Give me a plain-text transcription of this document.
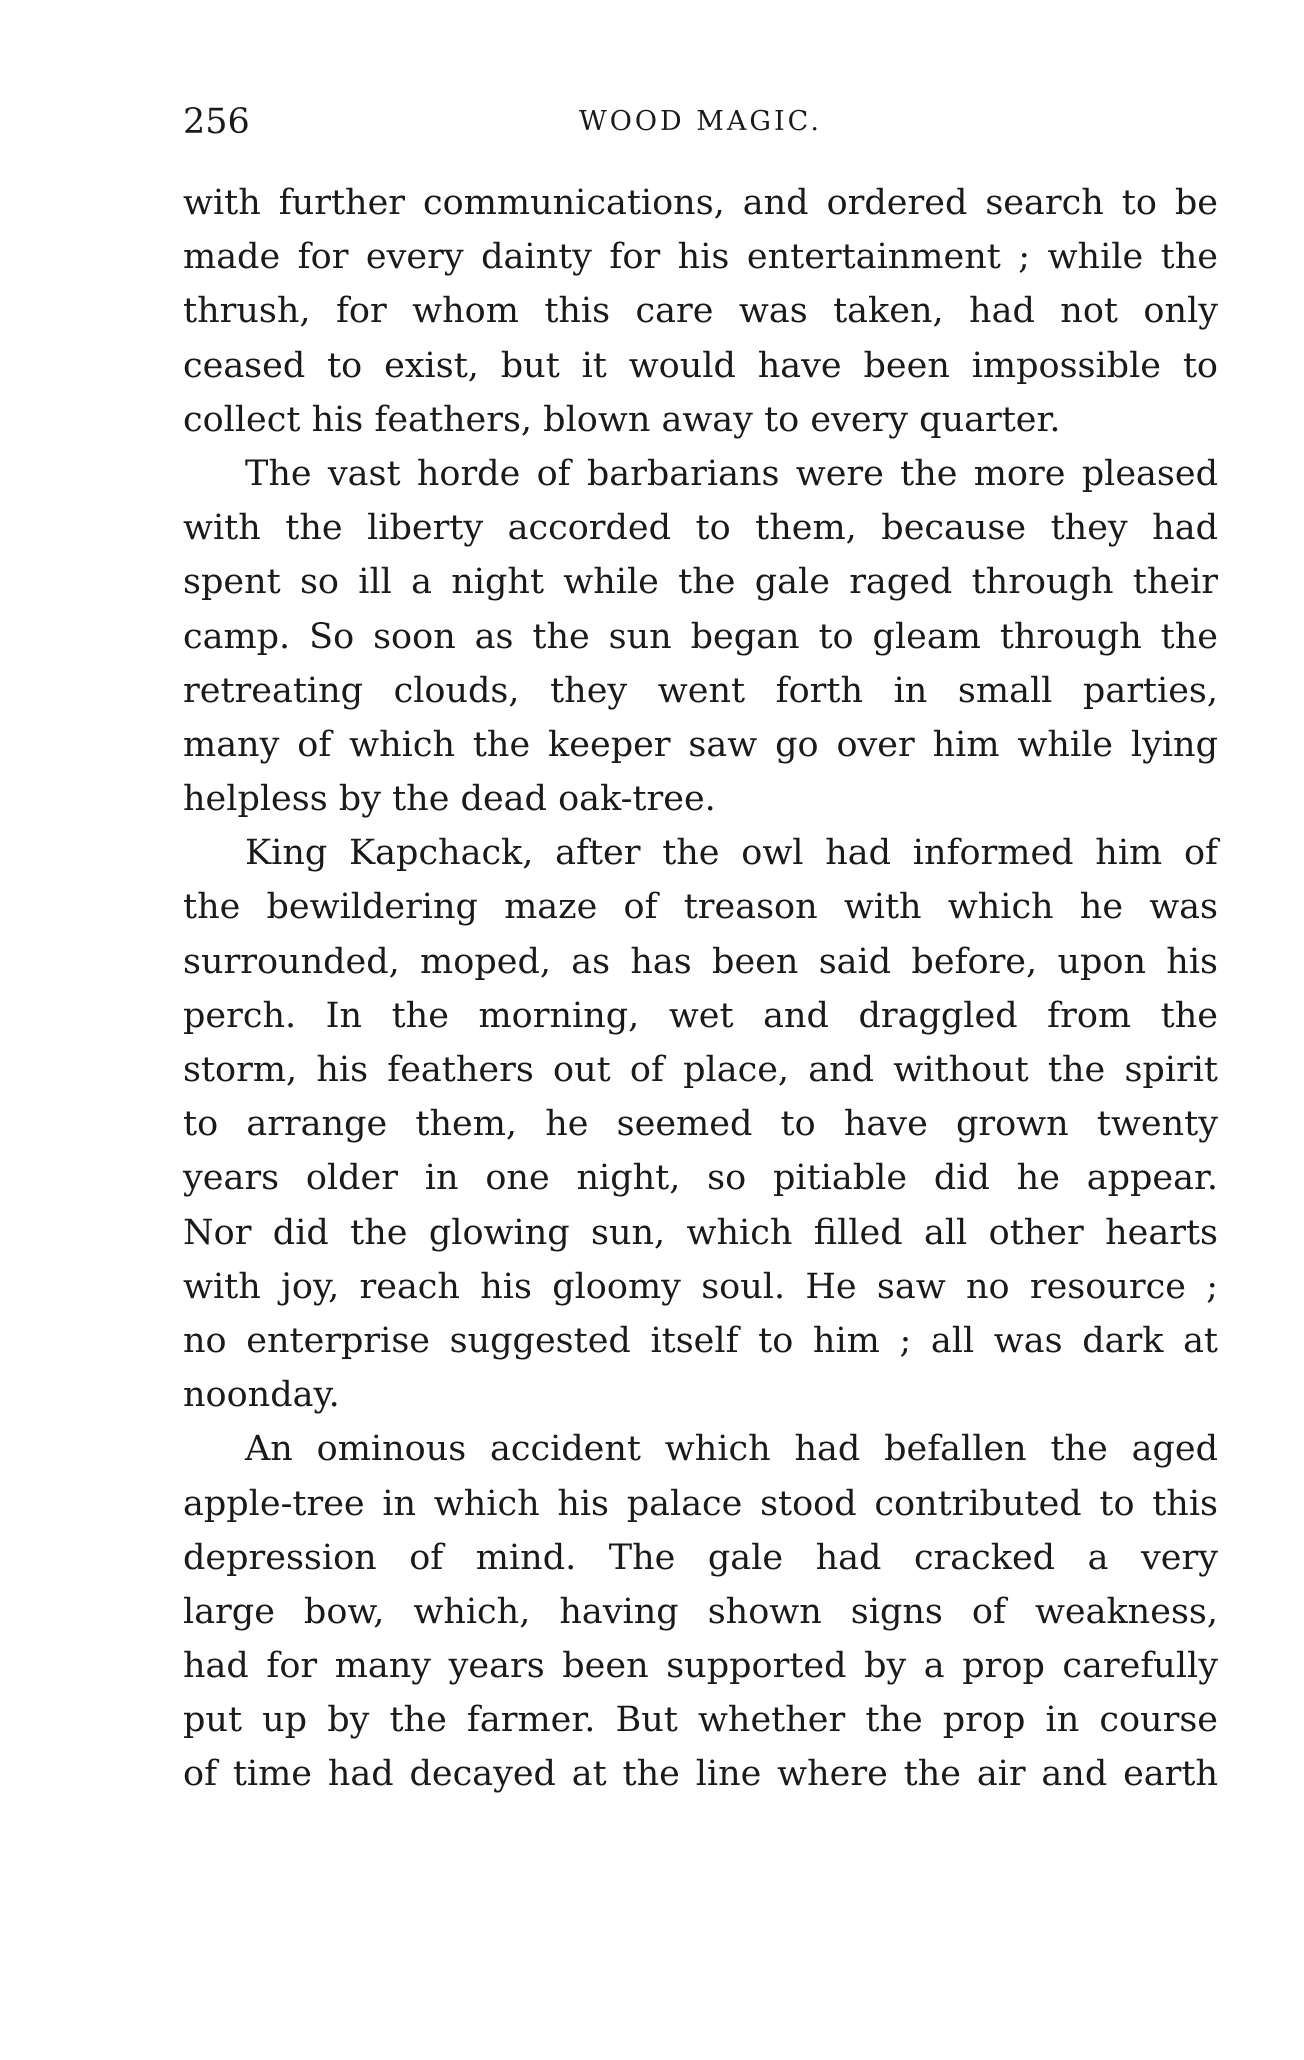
256	WOOD MAGIC.
with further communications, and ordered search to be
made for every dainty for his entertainment ; while the
thrush, for whom this care was taken, had not only
ceased to exist, but it would have been impossible to
collect his feathers, blown away to every quarter.
The vast horde of barbarians were the more pleased
with the liberty accorded to them, because they had
spent so ill a night while the gale raged through their
camp. So soon as the sun began to gleam through the
retreating clouds, they went forth in small parties,
many of which the keeper saw go over him while lying
helpless by the dead oak-tree.
King Kapchack, after the owl had informed him of
the bewildering maze of treason with which he was
surrounded, moped, as has been said before, upon his
perch. In the morning, wet and draggled from the
storm, his feathers out of place, and without the spirit
to arrange them, he seemed to have grown twenty
years older in one night, so pitiable did he appear.
Nor did the glowing sun, which filled all other hearts
with joy, reach his gloomy soul. He saw no resource ;
no enterprise suggested itself to him ; all was dark at
noonday.
An ominous accident which had befallen the aged
apple-tree in which his palace stood contributed to this
depression of mind. The gale had cracked a very
large bow, which, having shown signs of weakness,
had for many years been supported by a prop carefully
put up by the farmer. But whether the prop in course
of time had decayed at the line where the air and earth
